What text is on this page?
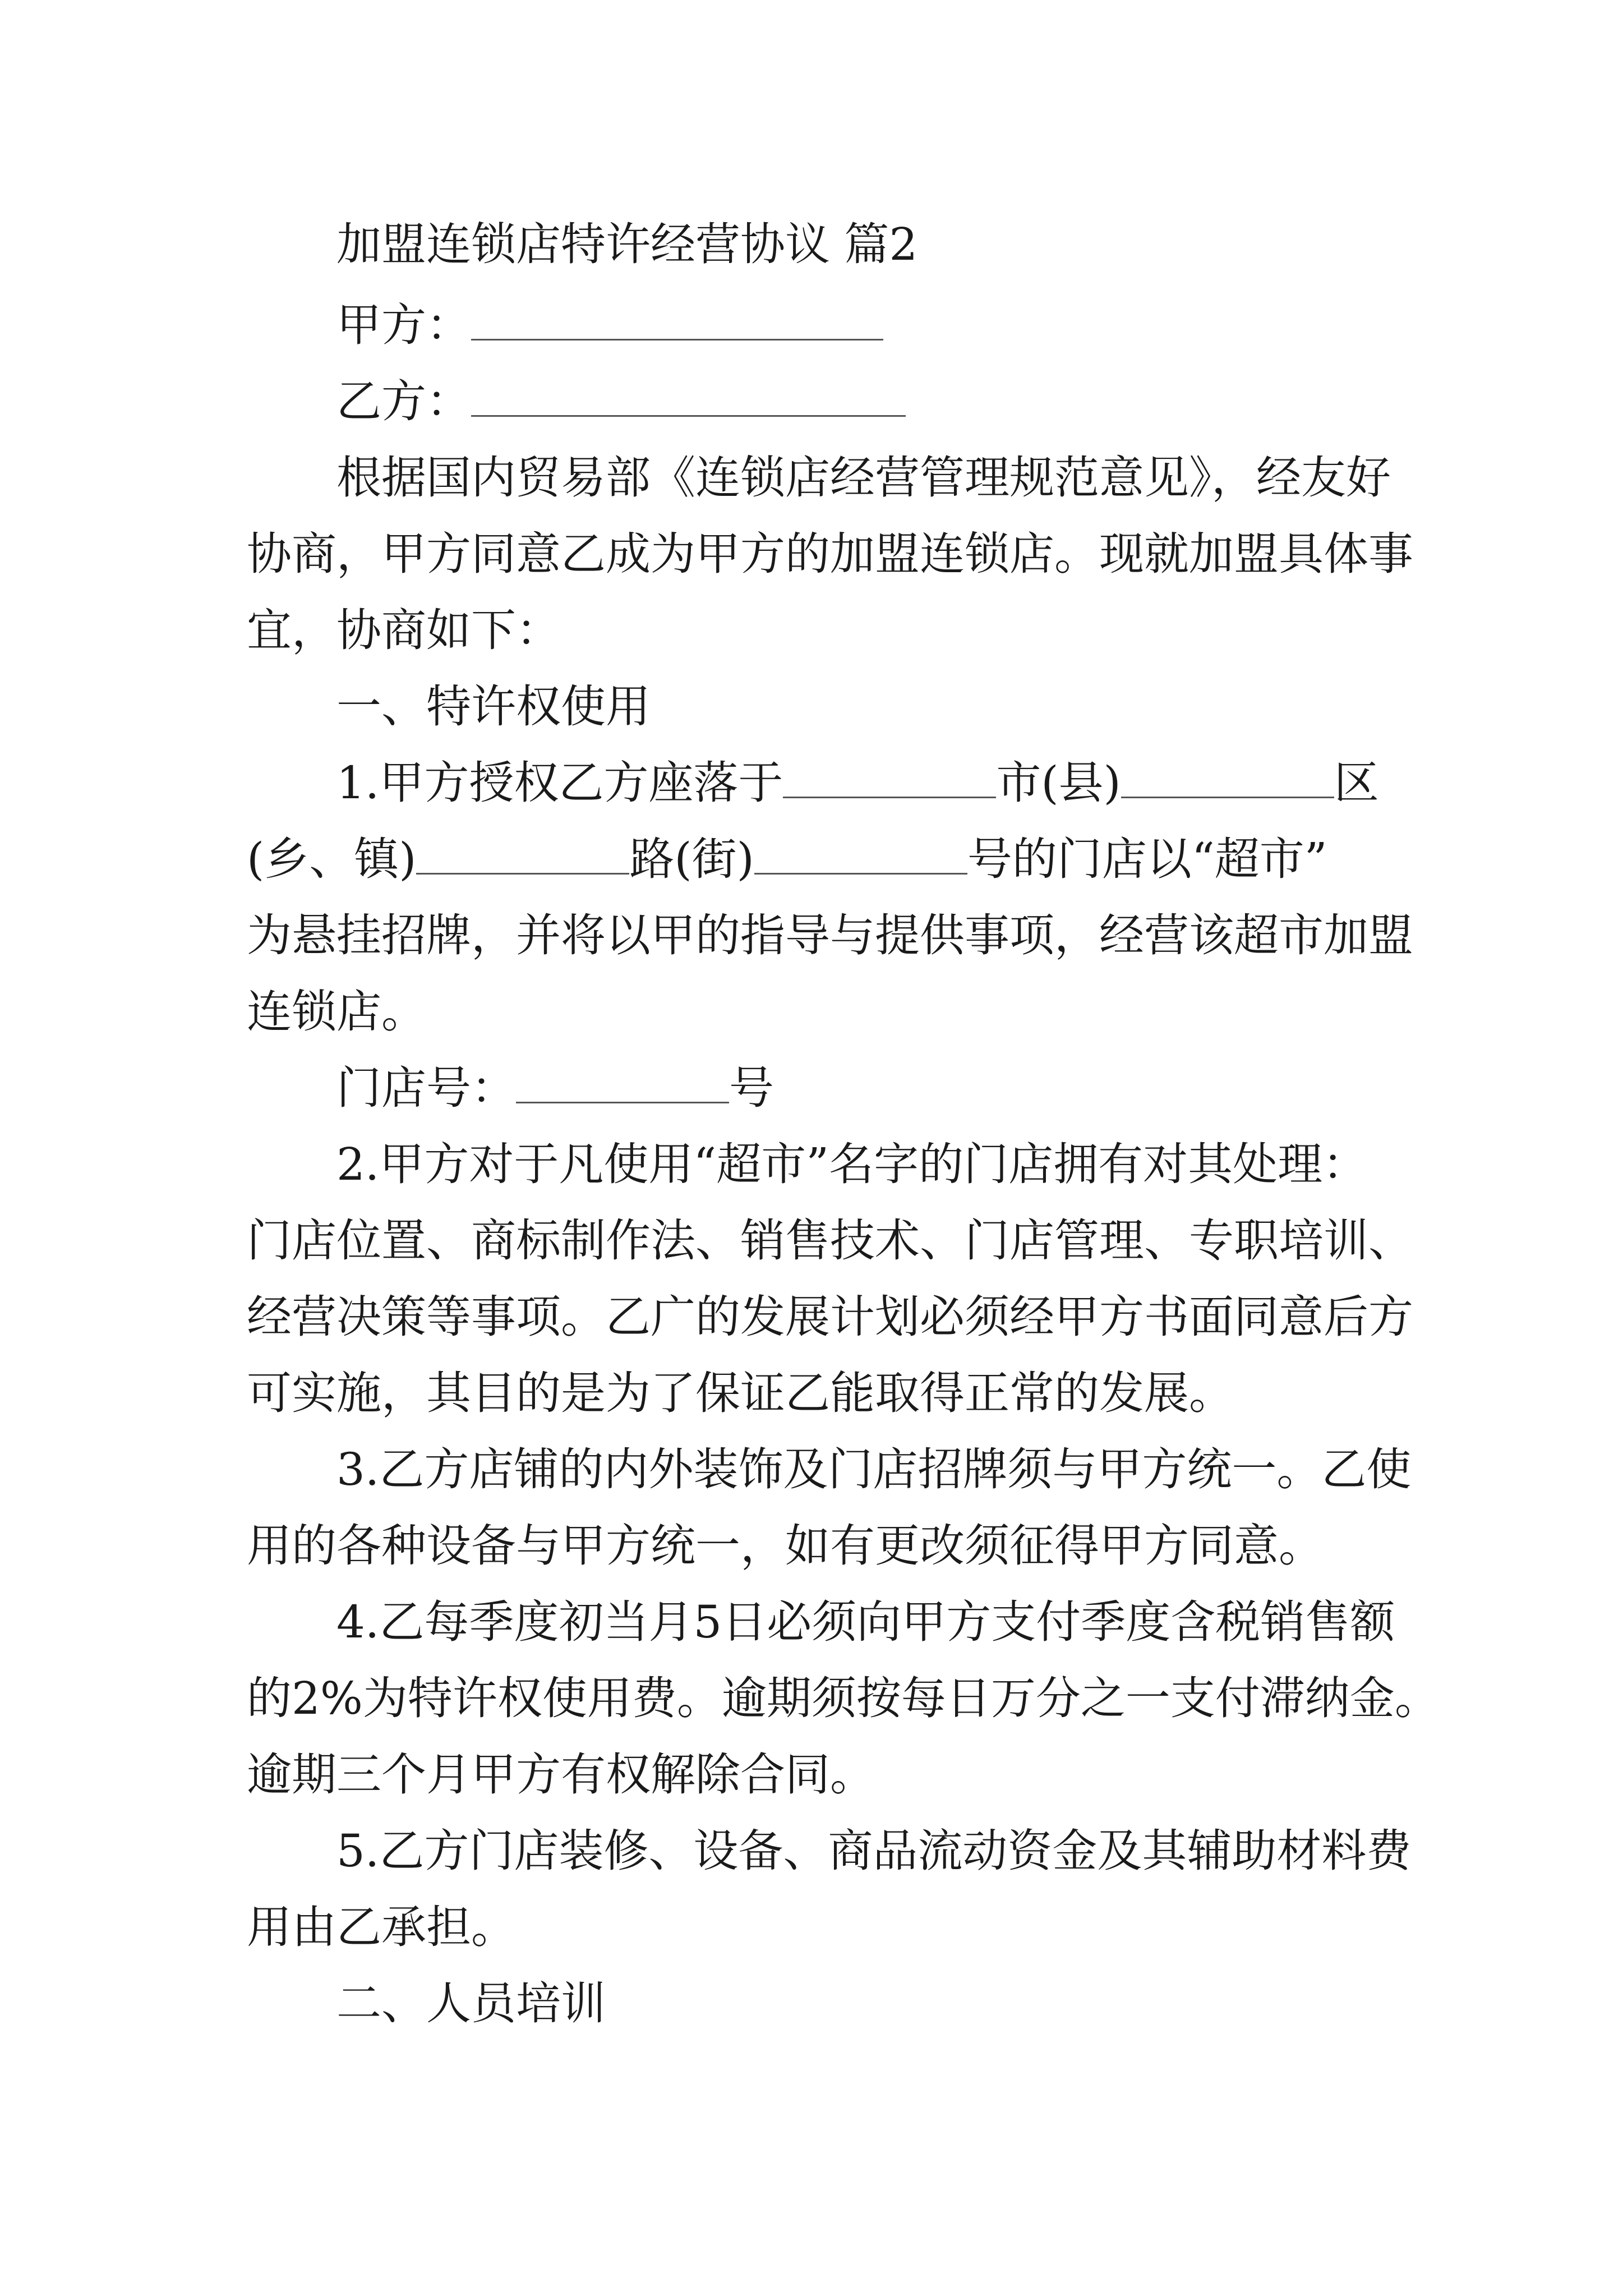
加盟连锁店特许经营协议 篇2
甲方：
乙方：
根据国内贸易部《连锁店经营管理规范意见》，经友好
协商，甲方同意乙成为甲方的加盟连锁店。现就加盟具体事
宜，协商如下：
一、特许权使用
1.甲方授权乙方座落于	市(县)	区
(乡、镇)	路(街)	号的门店以“超市”
为悬挂招牌，并将以甲的指导与提供事项，经营该超市加盟
连锁店。
门店号：	号
2.甲方对于凡使用“超市”名字的门店拥有对其处理：
门店位置、商标制作法、销售技术、门店管理、专职培训、
经营决策等事项。乙广的发展计划必须经甲方书面同意后方
可实施，其目的是为了保证乙能取得正常的发展。
3.乙方店铺的内外装饰及门店招牌须与甲方统一。乙使
用的各种设备与甲方统一，如有更改须征得甲方同意。
4.乙每季度初当月5日必须向甲方支付季度含税销售额
的2%为特许权使用费。逾期须按每日万分之一支付滞纳金。
逾期三个月甲方有权解除合同。
5.乙方门店装修、设备、商品流动资金及其辅助材料费
用由乙承担。
二、人员培训
